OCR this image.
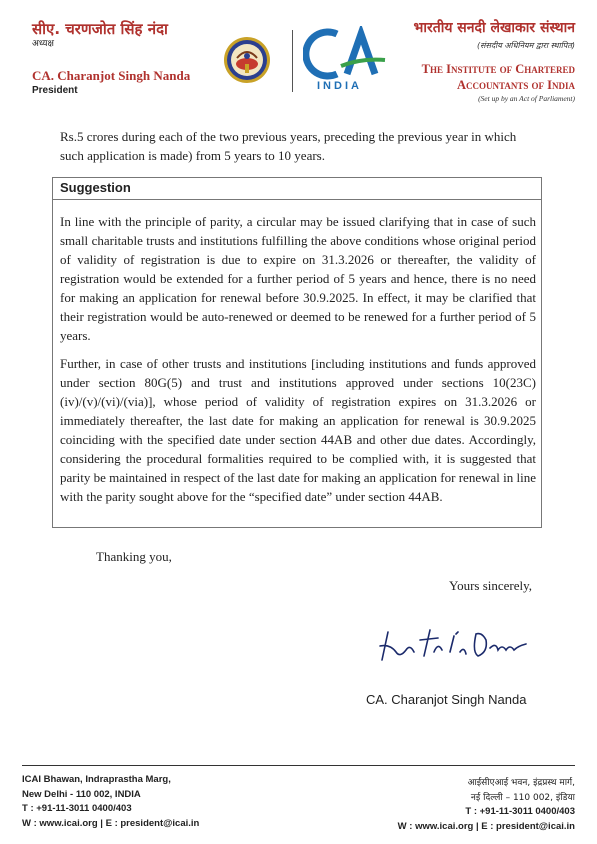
सीए. चरणजोत सिंह नंदा
अध्यक्ष
CA. Charanjot Singh Nanda
President	INDIA
भारतीय सनदी लेखाकार संस्थान
(संसदीय अधिनियम द्वारा स्थापित)
The Institute of Chartered
Accountants of India
(Set up by an Act of Parliament)
Rs.5 crores during each of the two previous years, preceding the previous year in which such application is made) from 5 years to 10 years.
Suggestion
In line with the principle of parity, a circular may be issued clarifying that in case of such small charitable trusts and institutions fulfilling the above conditions whose original period of validity of registration is due to expire on 31.3.2026 or thereafter, the validity of registration would be extended for a further period of 5 years and hence, there is no need for making an application for renewal before 30.9.2025. In effect, it may be clarified that their registration would be auto-renewed or deemed to be renewed for a further period of 5 years.
Further, in case of other trusts and institutions [including institutions and funds approved under section 80G(5) and trust and institutions approved under sections 10(23C)(iv)/(v)/(vi)/(via)], whose period of validity of registration expires on 31.3.2026 or immediately thereafter, the last date for making an application for renewal is 30.9.2025 coinciding with the specified date under section 44AB and other due dates. Accordingly, considering the procedural formalities required to be complied with, it is suggested that parity be maintained in respect of the last date for making an application for renewal in line with the parity sought above for the “specified date” under section 44AB.
Thanking you,
Yours sincerely,
CA. Charanjot Singh Nanda
ICAI Bhawan, Indraprastha Marg,
New Delhi - 110 002, INDIA
T : +91-11-3011 0400/403
W : www.icai.org | E : president@icai.in
आईसीएआई भवन, इंद्रप्रस्थ मार्ग,
नई दिल्ली – 110 002, इंडिया
T : +91-11-3011 0400/403
W : www.icai.org | E : president@icai.in
